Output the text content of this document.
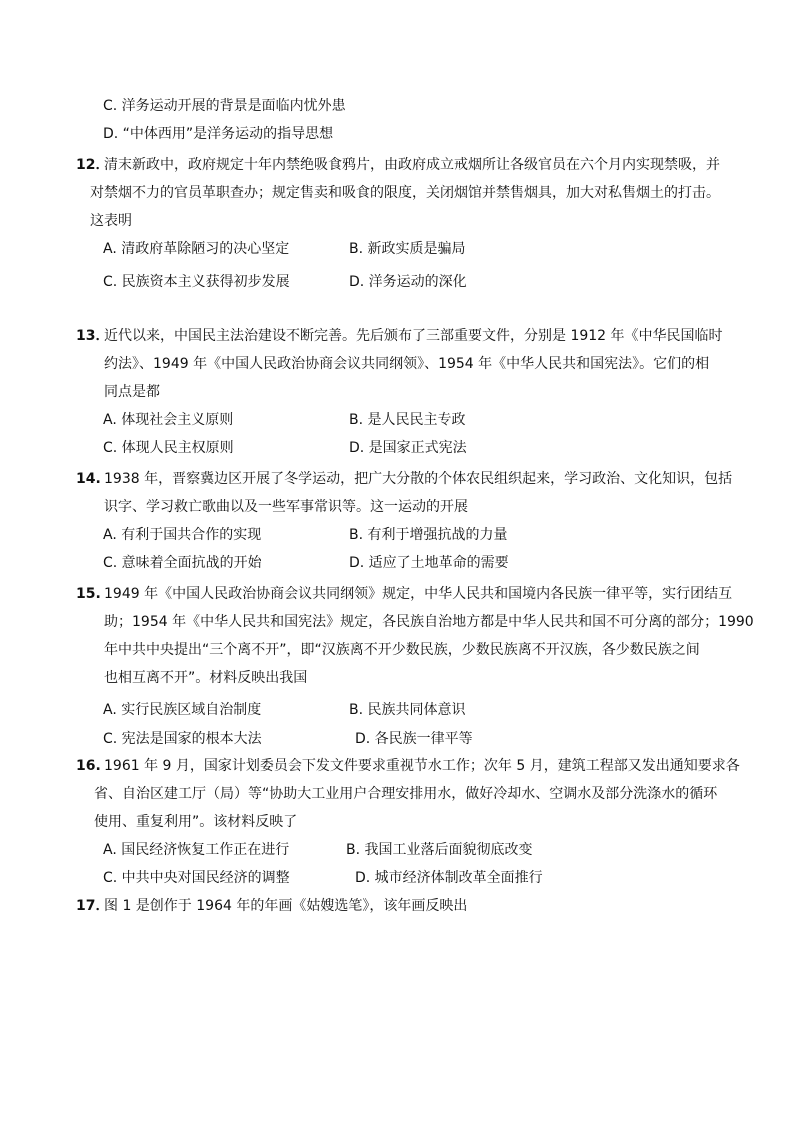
C. 洋务运动开展的背景是面临内忧外患
D. “中体西用”是洋务运动的指导思想
12．
清末新政中，政府规定十年内禁绝吸食鸦片，由政府成立戒烟所让各级官员在六个月内实现禁吸，并
对禁烟不力的官员革职查办；规定售卖和吸食的限度，关闭烟馆并禁售烟具，加大对私售烟土的打击。
这表明
A. 清政府革除陋习的决心坚定	B. 新政实质是骗局
C. 民族资本主义获得初步发展	D. 洋务运动的深化
13．
近代以来，中国民主法治建设不断完善。先后颁布了三部重要文件，分别是 1912 年《中华民国临时
约法》、1949 年《中国人民政治协商会议共同纲领》、1954 年《中华人民共和国宪法》。它们的相
同点是都
A. 体现社会主义原则	B. 是人民民主专政
C. 体现人民主权原则	D. 是国家正式宪法
14. 1938 年，晋察冀边区开展了冬学运动，把广大分散的个体农民组织起来，学习政治、文化知识，包括
识字、学习救亡歌曲以及一些军事常识等。这一运动的开展
A. 有利于国共合作的实现	B. 有利于增强抗战的力量
C. 意味着全面抗战的开始	D. 适应了土地革命的需要
15. 1949 年《中国人民政治协商会议共同纲领》规定，中华人民共和国境内各民族一律平等，实行团结互
助；1954 年《中华人民共和国宪法》规定，各民族自治地方都是中华人民共和国不可分离的部分；1990
年中共中央提出“三个离不开”，即“汉族离不开少数民族，少数民族离不开汉族，各少数民族之间
也相互离不开”。材料反映出我国
A. 实行民族区域自治制度	B. 民族共同体意识
C. 宪法是国家的根本大法	D. 各民族一律平等
16. 1961 年 9 月，国家计划委员会下发文件要求重视节水工作；次年 5 月，建筑工程部又发出通知要求各
省、自治区建工厅（局）等“协助大工业用户合理安排用水，做好冷却水、空调水及部分洗涤水的循环
使用、重复利用”。该材料反映了
A. 国民经济恢复工作正在进行	B. 我国工业落后面貌彻底改变
C. 中共中央对国民经济的调整	D. 城市经济体制改革全面推行
17．
图 1 是创作于 1964 年的年画《姑嫂选笔》，该年画反映出
